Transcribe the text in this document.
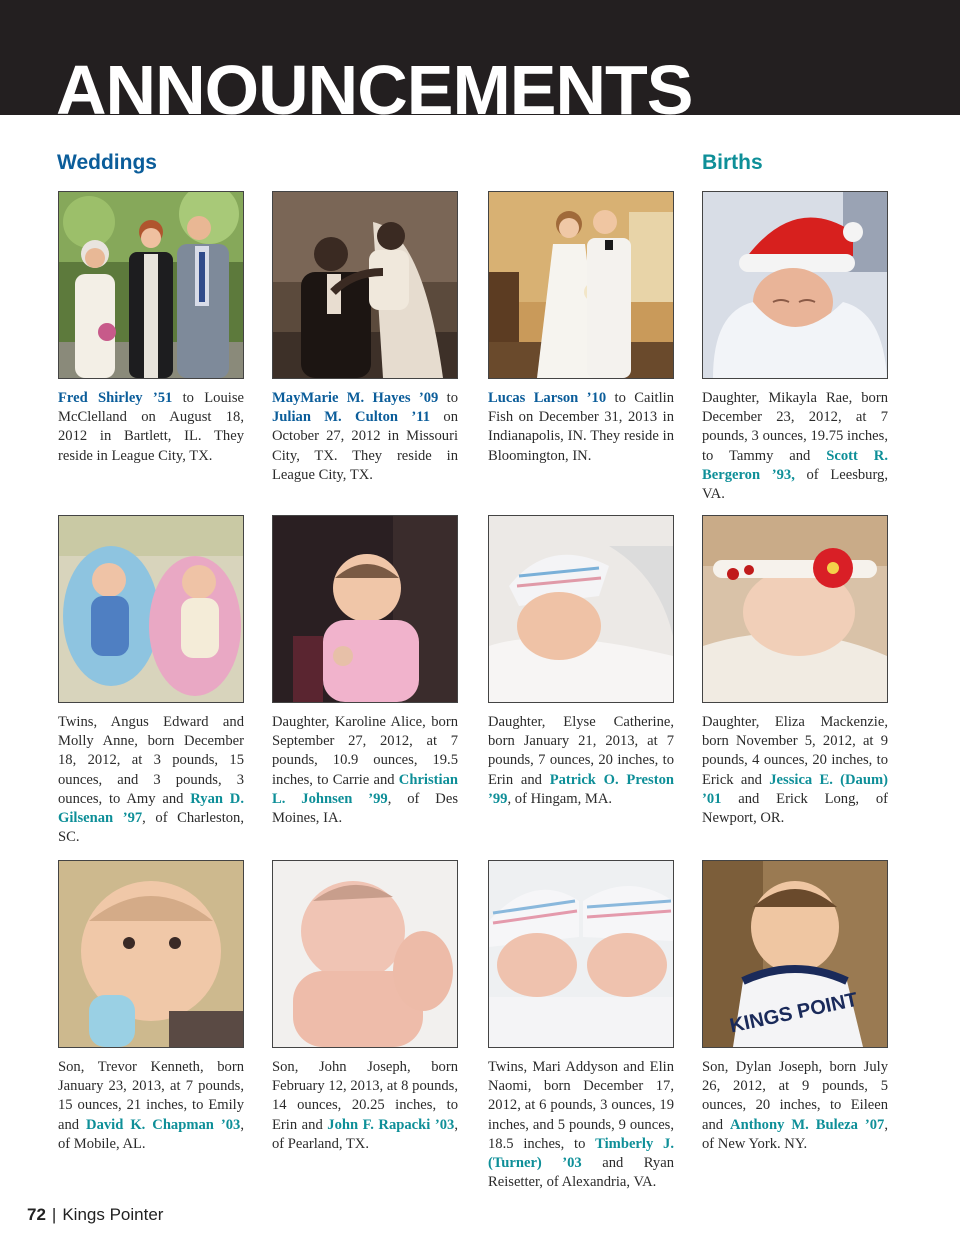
ANNOUNCEMENTS
Weddings	Births

Fred Shirley ’51 to Louise McClelland on August 18, 2012 in Bartlett, IL. They reside in League City, TX.

MayMarie M. Hayes ’09 to Julian M. Culton ’11 on October 27, 2012 in Missouri City, TX. They reside in League City, TX.

Lucas Larson ’10 to Caitlin Fish on December 31, 2013 in Indianapolis, IN. They reside in Bloomington, IN.

Daughter, Mikayla Rae, born December 23, 2012, at 7 pounds, 3 ounces, 19.75 inches, to Tammy and Scott R. Bergeron ’93, of Leesburg, VA.

Twins, Angus Edward and Molly Anne, born December 18, 2012, at 3 pounds, 15 ounces, and 3 pounds, 3 ounces, to Amy and Ryan D. Gilsenan ’97, of Charleston, SC.

Daughter, Karoline Alice, born September 27, 2012, at 7 pounds, 10.9 ounces, 19.5 inches, to Carrie and Christian L. Johnsen ’99, of Des Moines, IA.

Daughter, Elyse Catherine, born January 21, 2013, at 7 pounds, 7 ounces, 20 inches, to Erin and Patrick O. Preston ’99, of Hingam, MA.

Daughter, Eliza Mackenzie, born November 5, 2012, at 9 pounds, 4 ounces, 20 inches, to Erick and Jessica E. (Daum) ’01 and Erick Long, of Newport, OR.

Son, Trevor Kenneth, born January 23, 2013, at 7 pounds, 15 ounces, 21 inches, to Emily and David K. Chapman ’03, of Mobile, AL.

Son, John Joseph, born February 12, 2013, at 8 pounds, 14 ounces, 20.25 inches, to Erin and John F. Rapacki ’03, of Pearland, TX.

Twins, Mari Addyson and Elin Naomi, born December 17, 2012, at 6 pounds, 3 ounces, 19 inches, and 5 pounds, 9 ounces, 18.5 inches, to Timberly J. (Turner) ’03 and Ryan Reisetter, of Alexandria, VA.

KINGS POINT

Son, Dylan Joseph, born July 26, 2012, at 9 pounds, 5 ounces, 20 inches, to Eileen and Anthony M. Buleza ’07, of New York. NY.

72 | Kings Pointer
